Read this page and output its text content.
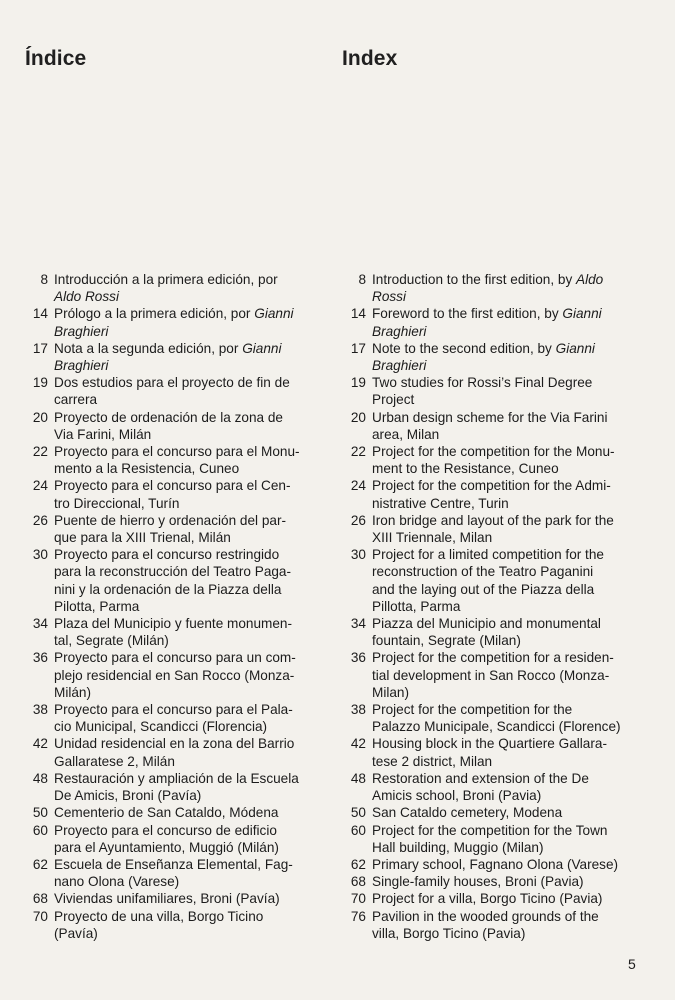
Índice	Index
8 Introducción a la primera edición, por
Aldo Rossi
14 Prólogo a la primera edición, por Gianni
Braghieri
17 Nota a la segunda edición, por Gianni
Braghieri
19 Dos estudios para el proyecto de fin de
carrera
20 Proyecto de ordenación de la zona de
Via Farini, Milán
22 Proyecto para el concurso para el Monu-
mento a la Resistencia, Cuneo
24 Proyecto para el concurso para el Cen-
tro Direccional, Turín
26 Puente de hierro y ordenación del par-
que para la XIII Trienal, Milán
30 Proyecto para el concurso restringido
para la reconstrucción del Teatro Paga-
nini y la ordenación de la Piazza della
Pilotta, Parma
34 Plaza del Municipio y fuente monumen-
tal, Segrate (Milán)
36 Proyecto para el concurso para un com-
plejo residencial en San Rocco (Monza-
Milán)
38 Proyecto para el concurso para el Pala-
cio Municipal, Scandicci (Florencia)
42 Unidad residencial en la zona del Barrio
Gallaratese 2, Milán
48 Restauración y ampliación de la Escuela
De Amicis, Broni (Pavía)
50 Cementerio de San Cataldo, Módena
60 Proyecto para el concurso de edificio
para el Ayuntamiento, Muggió (Milán)
62 Escuela de Enseñanza Elemental, Fag-
nano Olona (Varese)
68 Viviendas unifamiliares, Broni (Pavía)
70 Proyecto de una villa, Borgo Ticino
(Pavía)
8 Introduction to the first edition, by Aldo
Rossi
14 Foreword to the first edition, by Gianni
Braghieri
17 Note to the second edition, by Gianni
Braghieri
19 Two studies for Rossi’s Final Degree
Project
20 Urban design scheme for the Via Farini
area, Milan
22 Project for the competition for the Monu-
ment to the Resistance, Cuneo
24 Project for the competition for the Admi-
nistrative Centre, Turin
26 Iron bridge and layout of the park for the
XIII Triennale, Milan
30 Project for a limited competition for the
reconstruction of the Teatro Paganini
and the laying out of the Piazza della
Pillotta, Parma
34 Piazza del Municipio and monumental
fountain, Segrate (Milan)
36 Project for the competition for a residen-
tial development in San Rocco (Monza-
Milan)
38 Project for the competition for the
Palazzo Municipale, Scandicci (Florence)
42 Housing block in the Quartiere Gallara-
tese 2 district, Milan
48 Restoration and extension of the De
Amicis school, Broni (Pavia)
50 San Cataldo cemetery, Modena
60 Project for the competition for the Town
Hall building, Muggio (Milan)
62 Primary school, Fagnano Olona (Varese)
68 Single-family houses, Broni (Pavia)
70 Project for a villa, Borgo Ticino (Pavia)
76 Pavilion in the wooded grounds of the
villa, Borgo Ticino (Pavia)
5
